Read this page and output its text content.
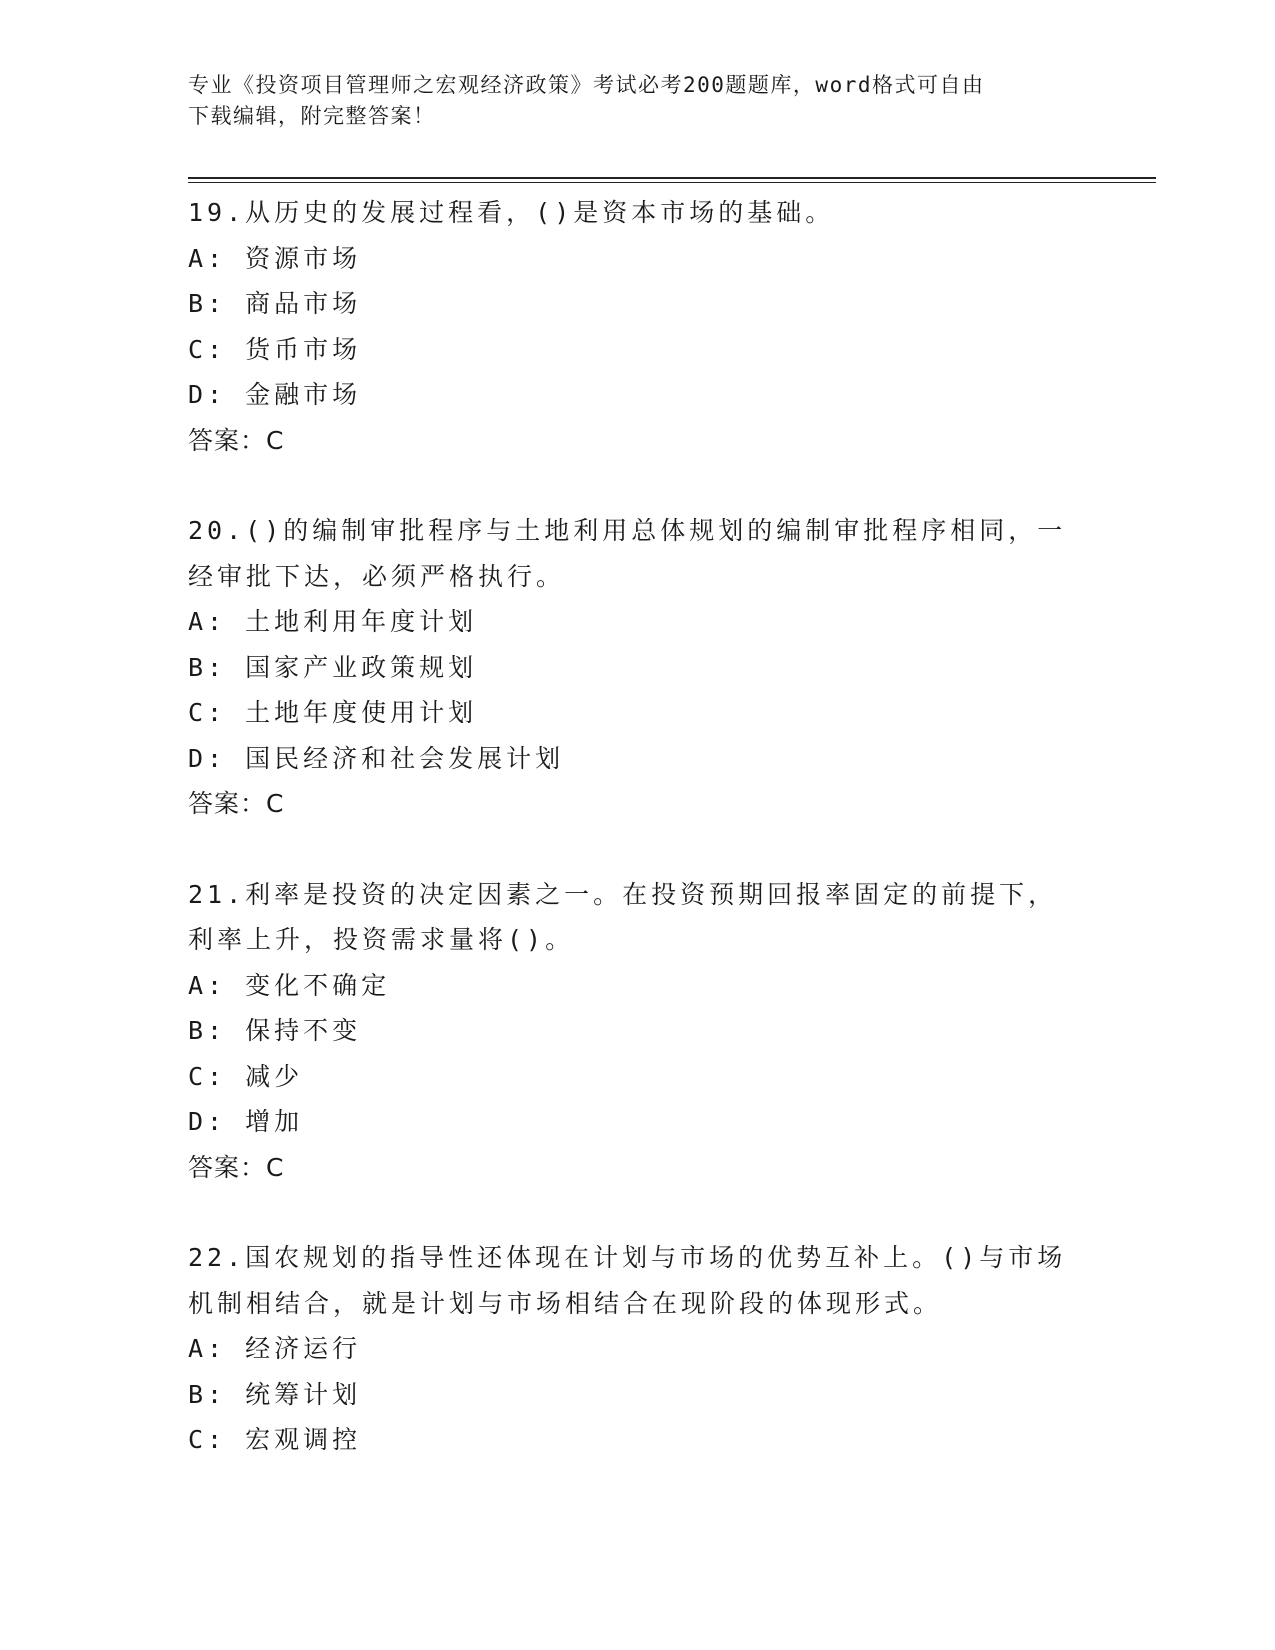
专业《投资项目管理师之宏观经济政策》考试必考200题题库，word格式可自由
下载编辑，附完整答案！
19.从历史的发展过程看，()是资本市场的基础。
A: 资源市场
B: 商品市场
C: 货币市场
D: 金融市场
答案：C
20.()的编制审批程序与土地利用总体规划的编制审批程序相同，一经审批下达，必须严格执行。
A: 土地利用年度计划
B: 国家产业政策规划
C: 土地年度使用计划
D: 国民经济和社会发展计划
答案：C
21.利率是投资的决定因素之一。在投资预期回报率固定的前提下，利率上升，投资需求量将()。
A: 变化不确定
B: 保持不变
C: 减少
D: 增加
答案：C
22.国农规划的指导性还体现在计划与市场的优势互补上。()与市场机制相结合，就是计划与市场相结合在现阶段的体现形式。
A: 经济运行
B: 统筹计划
C: 宏观调控
